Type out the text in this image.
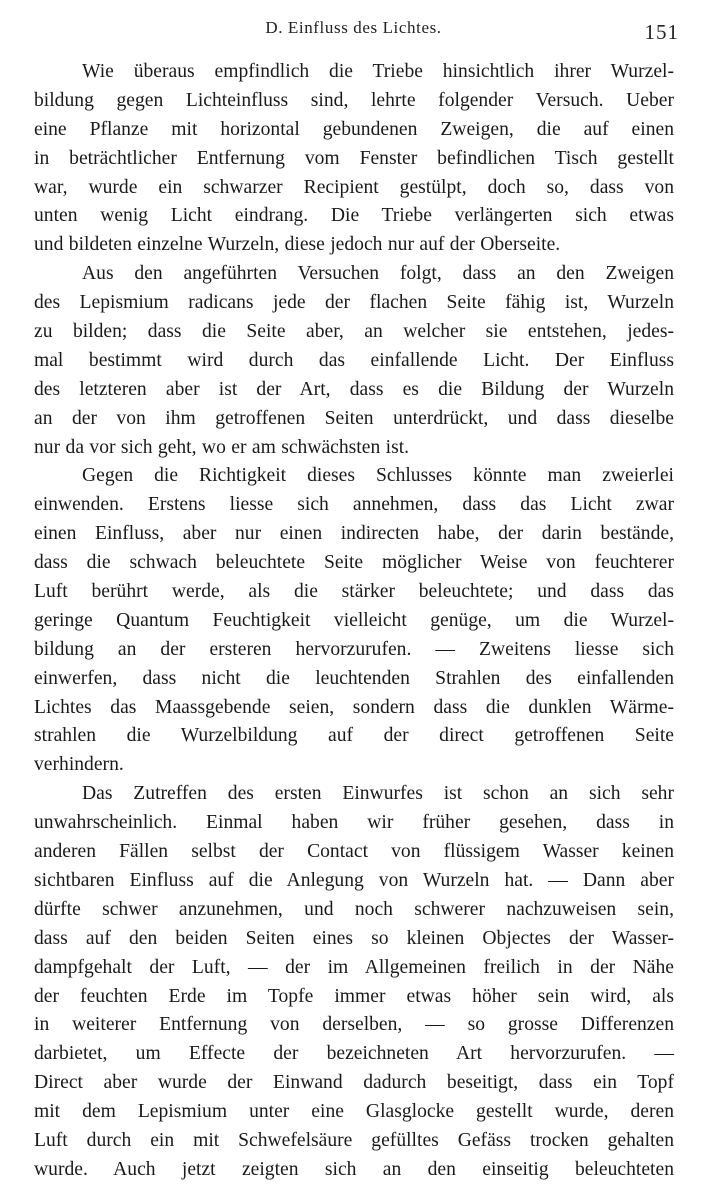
D. Einfluss des Lichtes.	151
Wie überaus empfindlich die Triebe hinsichtlich ihrer Wurzel-
bildung gegen Lichteinfluss sind, lehrte folgender Versuch. Ueber
eine Pflanze mit horizontal gebundenen Zweigen, die auf einen
in beträchtlicher Entfernung vom Fenster befindlichen Tisch gestellt
war, wurde ein schwarzer Recipient gestülpt, doch so, dass von
unten wenig Licht eindrang. Die Triebe verlängerten sich etwas
und bildeten einzelne Wurzeln, diese jedoch nur auf der Oberseite.
Aus den angeführten Versuchen folgt, dass an den Zweigen
des Lepismium radicans jede der flachen Seite fähig ist, Wurzeln
zu bilden; dass die Seite aber, an welcher sie entstehen, jedes-
mal bestimmt wird durch das einfallende Licht. Der Einfluss
des letzteren aber ist der Art, dass es die Bildung der Wurzeln
an der von ihm getroffenen Seiten unterdrückt, und dass dieselbe
nur da vor sich geht, wo er am schwächsten ist.
Gegen die Richtigkeit dieses Schlusses könnte man zweierlei
einwenden. Erstens liesse sich annehmen, dass das Licht zwar
einen Einfluss, aber nur einen indirecten habe, der darin bestände,
dass die schwach beleuchtete Seite möglicher Weise von feuchterer
Luft berührt werde, als die stärker beleuchtete; und dass das
geringe Quantum Feuchtigkeit vielleicht genüge, um die Wurzel-
bildung an der ersteren hervorzurufen. — Zweitens liesse sich
einwerfen, dass nicht die leuchtenden Strahlen des einfallenden
Lichtes das Maassgebende seien, sondern dass die dunklen Wärme-
strahlen die Wurzelbildung auf der direct getroffenen Seite
verhindern.
Das Zutreffen des ersten Einwurfes ist schon an sich sehr
unwahrscheinlich. Einmal haben wir früher gesehen, dass in
anderen Fällen selbst der Contact von flüssigem Wasser keinen
sichtbaren Einfluss auf die Anlegung von Wurzeln hat. — Dann aber
dürfte schwer anzunehmen, und noch schwerer nachzuweisen sein,
dass auf den beiden Seiten eines so kleinen Objectes der Wasser-
dampfgehalt der Luft, — der im Allgemeinen freilich in der Nähe
der feuchten Erde im Topfe immer etwas höher sein wird, als
in weiterer Entfernung von derselben, — so grosse Differenzen
darbietet, um Effecte der bezeichneten Art hervorzurufen. —
Direct aber wurde der Einwand dadurch beseitigt, dass ein Topf
mit dem Lepismium unter eine Glasglocke gestellt wurde, deren
Luft durch ein mit Schwefelsäure gefülltes Gefäss trocken gehalten
wurde. Auch jetzt zeigten sich an den einseitig beleuchteten
